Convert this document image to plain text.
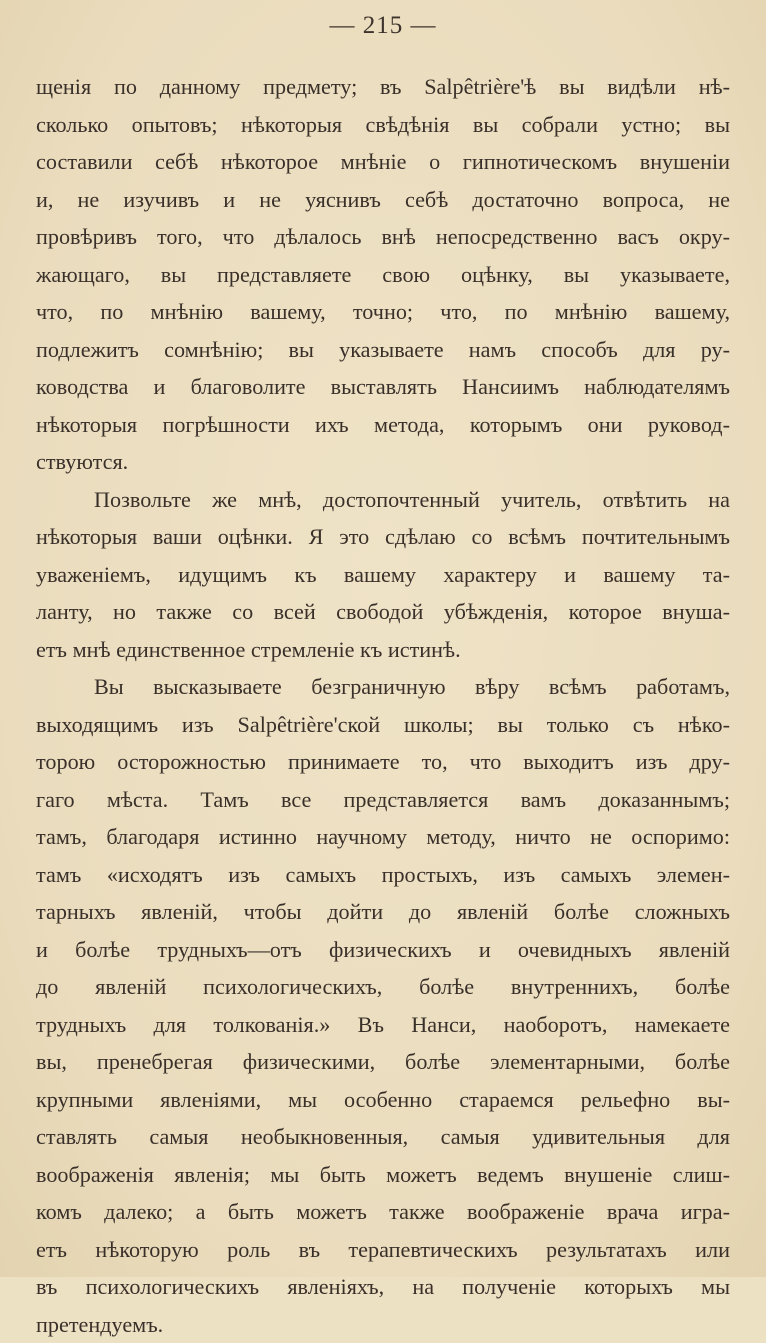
— 215 —
щенія по данному предмету; въ Salpêtrière'ѣ вы видѣли нѣ-
сколько опытовъ; нѣкоторыя свѣдѣнія вы собрали устно; вы
составили себѣ нѣкоторое мнѣніе о гипнотическомъ внушеніи
и, не изучивъ и не уяснивъ себѣ достаточно вопроса, не
провѣривъ того, что дѣлалось внѣ непосредственно васъ окру-
жающаго, вы представляете свою оцѣнку, вы указываете,
что, по мнѣнію вашему, точно; что, по мнѣнію вашему,
подлежитъ сомнѣнію; вы указываете намъ способъ для ру-
ководства и благоволите выставлять Нансиимъ наблюдателямъ
нѣкоторыя погрѣшности ихъ метода, которымъ они руковод-
ствуются.
Позвольте же мнѣ, достопочтенный учитель, отвѣтить на
нѣкоторыя ваши оцѣнки. Я это сдѣлаю со всѣмъ почтительнымъ
уваженіемъ, идущимъ къ вашему характеру и вашему та-
ланту, но также со всей свободой убѣжденія, которое внуша-
етъ мнѣ единственное стремленіе къ истинѣ.
Вы высказываете безграничную вѣру всѣмъ работамъ,
выходящимъ изъ Salpêtrière'ской школы; вы только съ нѣко-
торою осторожностью принимаете то, что выходитъ изъ дру-
гаго мѣста. Тамъ все представляется вамъ доказаннымъ;
тамъ, благодаря истинно научному методу, ничто не оспоримо:
тамъ «исходятъ изъ самыхъ простыхъ, изъ самыхъ элемен-
тарныхъ явленій, чтобы дойти до явленій болѣе сложныхъ
и болѣе трудныхъ—отъ физическихъ и очевидныхъ явленій
до явленій психологическихъ, болѣе внутреннихъ, болѣе
трудныхъ для толкованія.» Въ Нанси, наоборотъ, намекаете
вы, пренебрегая физическими, болѣе элементарными, болѣе
крупными явленіями, мы особенно стараемся рельефно вы-
ставлять самыя необыкновенныя, самыя удивительныя для
воображенія явленія; мы быть можетъ ведемъ внушеніе слиш-
комъ далеко; а быть можетъ также воображеніе врача игра-
етъ нѣкоторую роль въ терапевтическихъ результатахъ или
въ психологическихъ явленіяхъ, на полученіе которыхъ мы
претендуемъ.
